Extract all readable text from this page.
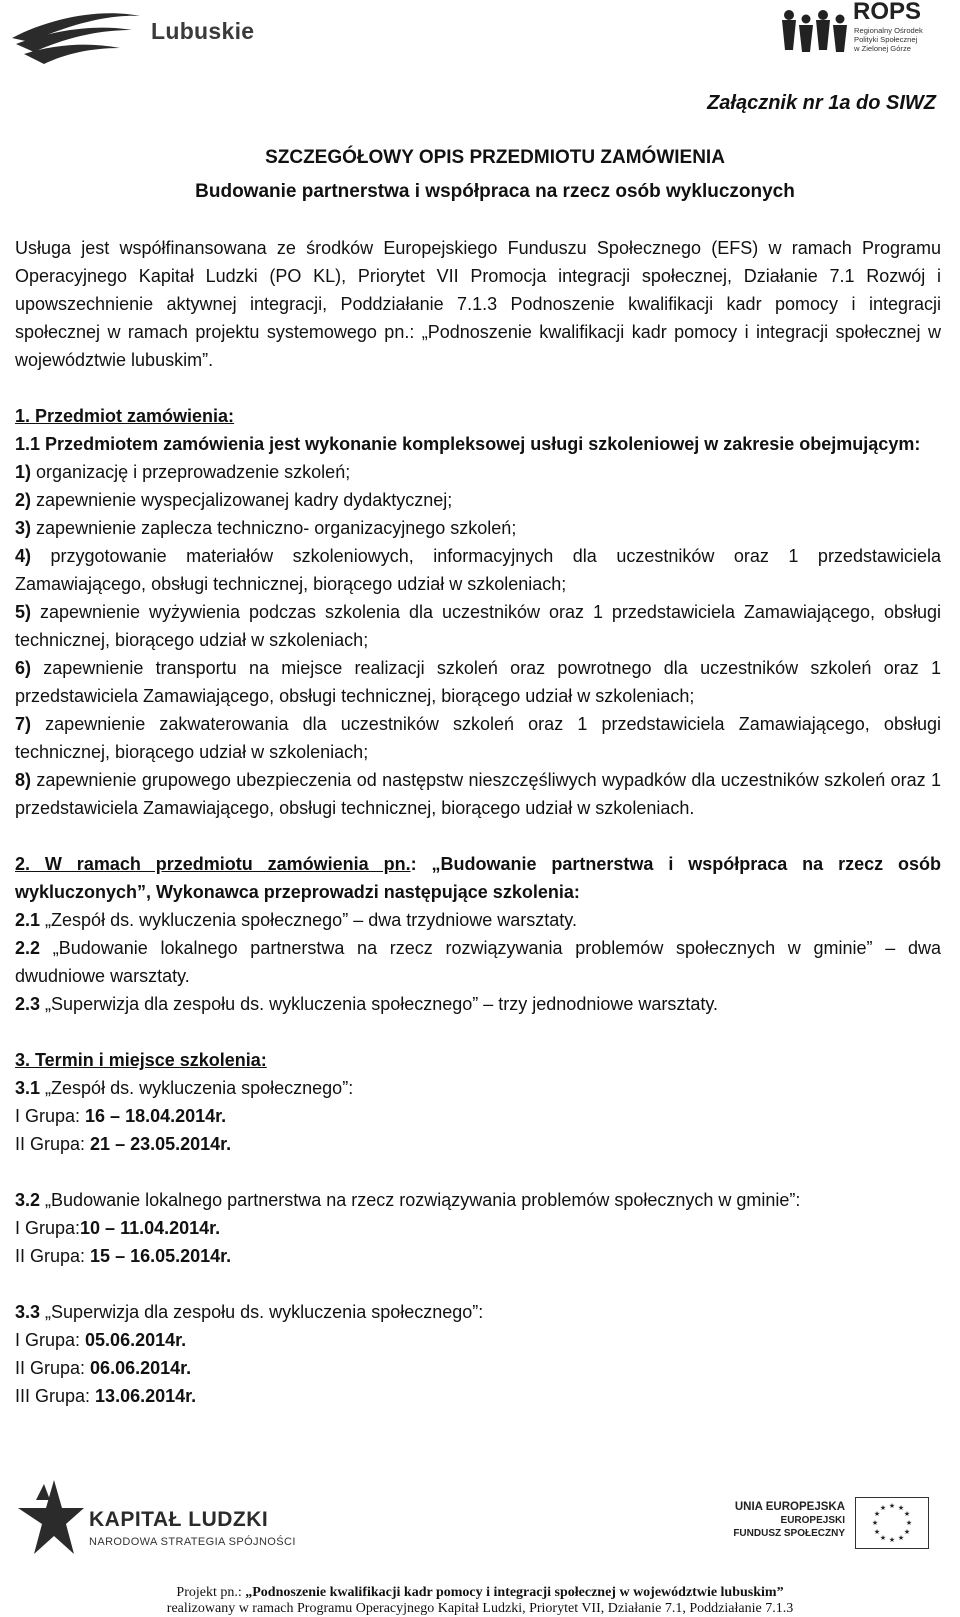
Lubuskie
ROPS
Regionalny Ośrodek
Polityki Społecznej
w Zielonej Górze
Załącznik nr 1a do SIWZ
SZCZEGÓŁOWY OPIS PRZEDMIOTU ZAMÓWIENIA
Budowanie partnerstwa i współpraca na rzecz osób wykluczonych

Usługa jest współfinansowana ze środków Europejskiego Funduszu Społecznego (EFS) w ramach Programu Operacyjnego Kapitał Ludzki (PO KL), Priorytet VII Promocja integracji społecznej, Działanie 7.1 Rozwój i upowszechnienie aktywnej integracji, Poddziałanie 7.1.3 Podnoszenie kwalifikacji kadr pomocy i integracji społecznej w ramach projektu systemowego pn.: „Podnoszenie kwalifikacji kadr pomocy i integracji społecznej w województwie lubuskim”.

1. Przedmiot zamówienia:

1.1 Przedmiotem zamówienia jest wykonanie kompleksowej usługi szkoleniowej w zakresie obejmującym:

1) organizację i przeprowadzenie szkoleń;

2) zapewnienie wyspecjalizowanej kadry dydaktycznej;

3) zapewnienie zaplecza techniczno- organizacyjnego szkoleń;

4) przygotowanie materiałów szkoleniowych, informacyjnych dla uczestników oraz 1 przedstawiciela Zamawiającego, obsługi technicznej, biorącego udział w szkoleniach;

5) zapewnienie wyżywienia podczas szkolenia dla uczestników oraz 1 przedstawiciela Zamawiającego, obsługi technicznej, biorącego udział w szkoleniach;

6) zapewnienie transportu na miejsce realizacji szkoleń oraz powrotnego dla uczestników szkoleń oraz 1 przedstawiciela Zamawiającego, obsługi technicznej, biorącego udział w szkoleniach;

7) zapewnienie zakwaterowania dla uczestników szkoleń oraz 1 przedstawiciela Zamawiającego, obsługi technicznej, biorącego udział w szkoleniach;

8) zapewnienie grupowego ubezpieczenia od następstw nieszczęśliwych wypadków dla uczestników szkoleń oraz 1 przedstawiciela Zamawiającego, obsługi technicznej, biorącego udział w szkoleniach.

2. W ramach przedmiotu zamówienia pn.: „Budowanie partnerstwa i współpraca na rzecz osób wykluczonych”, Wykonawca przeprowadzi następujące szkolenia:

2.1 „Zespół ds. wykluczenia społecznego” – dwa trzydniowe warsztaty.

2.2 „Budowanie lokalnego partnerstwa na rzecz rozwiązywania problemów społecznych w gminie” – dwa dwudniowe warsztaty.

2.3 „Superwizja dla zespołu ds. wykluczenia społecznego” – trzy jednodniowe warsztaty.

3. Termin i miejsce szkolenia:

3.1 „Zespół ds. wykluczenia społecznego”:

I Grupa: 16 – 18.04.2014r.

II Grupa: 21 – 23.05.2014r.

3.2 „Budowanie lokalnego partnerstwa na rzecz rozwiązywania problemów społecznych w gminie”:

I Grupa:10 – 11.04.2014r.

II Grupa: 15 – 16.05.2014r.

3.3 „Superwizja dla zespołu ds. wykluczenia społecznego”:

I Grupa: 05.06.2014r.

II Grupa: 06.06.2014r.

III Grupa: 13.06.2014r.

KAPITAŁ LUDZKI
NARODOWA STRATEGIA SPÓJNOŚCI
UNIA EUROPEJSKA
EUROPEJSKI
FUNDUSZ SPOŁECZNY
★ ★
★
★
★
★
★
★
★
★
★
★
Projekt pn.: „Podnoszenie kwalifikacji kadr pomocy i integracji społecznej w województwie lubuskim”
realizowany w ramach Programu Operacyjnego Kapitał Ludzki, Priorytet VII, Działanie 7.1, Poddziałanie 7.1.3
